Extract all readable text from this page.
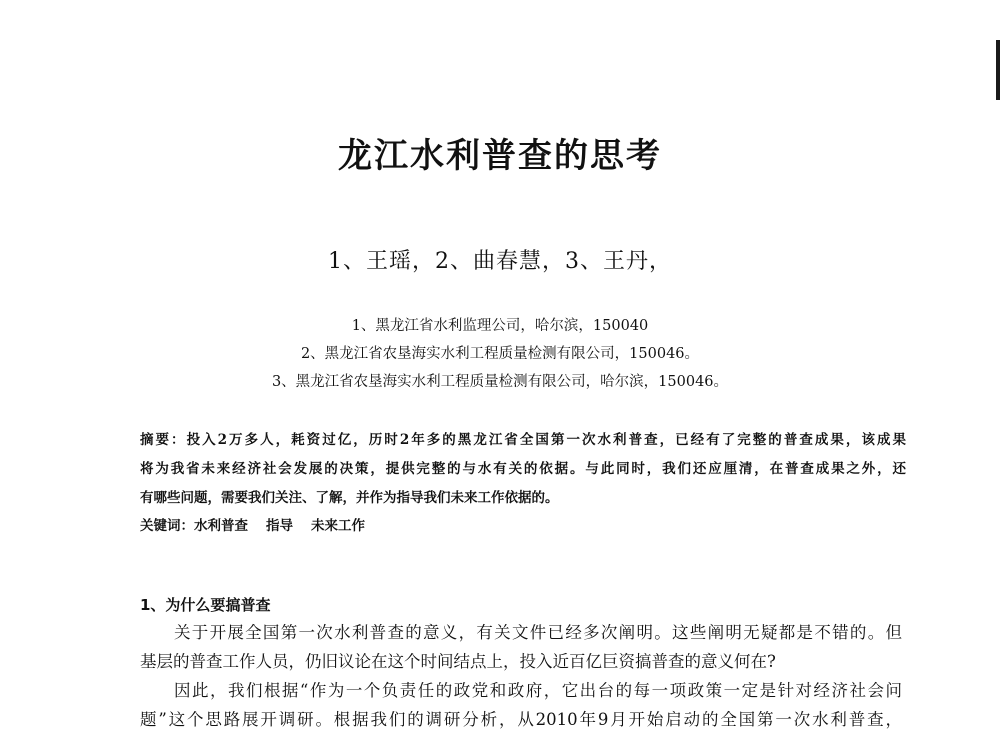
龙江水利普查的思考
1、王瑶，2、曲春慧，3、王丹，
1、黑龙江省水利监理公司，哈尔滨，150040
2、黑龙江省农垦海实水利工程质量检测有限公司，150046。
3、黑龙江省农垦海实水利工程质量检测有限公司，哈尔滨，150046。
摘要：投入2万多人，耗资过亿，历时2年多的黑龙江省全国第一次水利普查，已经有了完整的普查成果，该成果
将为我省未来经济社会发展的决策，提供完整的与水有关的依据。与此同时，我们还应厘清，在普查成果之外，还
有哪些问题，需要我们关注、了解，并作为指导我们未来工作依据的。
关键词：水利普查 指导 未来工作
1、为什么要搞普查
关于开展全国第一次水利普查的意义，有关文件已经多次阐明。这些阐明无疑都是不错的。但
基层的普查工作人员，仍旧议论在这个时间结点上，投入近百亿巨资搞普查的意义何在?
因此，我们根据“作为一个负责任的政党和政府，它出台的每一项政策一定是针对经济社会问
题”这个思路展开调研。根据我们的调研分析，从2010年9月开始启动的全国第一次水利普查，
